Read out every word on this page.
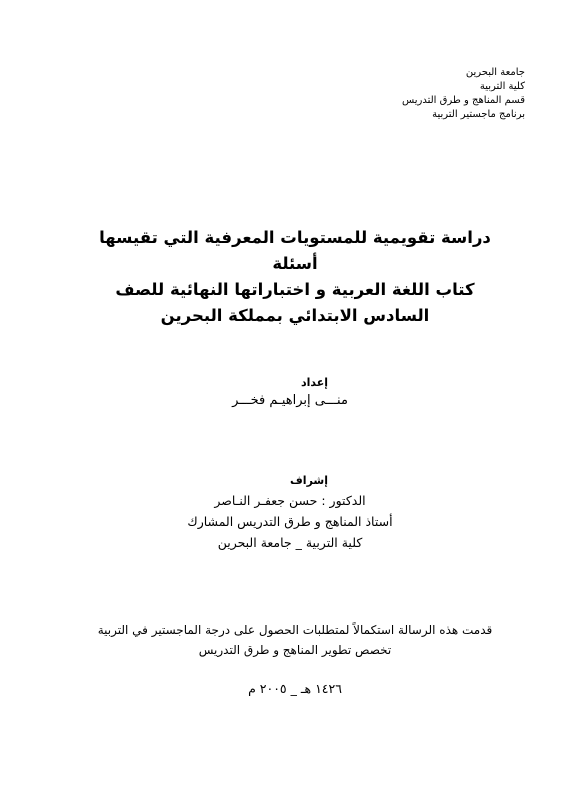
جامعة البحرين
كلية التربية
قسم المناهج و طرق التدريس
برنامج ماجستير التربية
دراسة تقويمية للمستويات المعرفية التي تقيسها أسئلة
كتاب اللغة العربية و اختباراتها النهائية للصف
السادس الابتدائي بمملكة البحرين
إعداد
منـــى إبراهيـم فخـــر
إشراف
الدكتور : حسن جعفـر النـاصر
أستاذ المناهج و طرق التدريس المشارك
كلية التربية _ جامعة البحرين
قدمت هذه الرسالة استكمالاً لمتطلبات الحصول على درجة الماجستير في التربية
تخصص تطوير المناهج و طرق التدريس
١٤٢٦ هـ _ ٢٠٠٥ م
